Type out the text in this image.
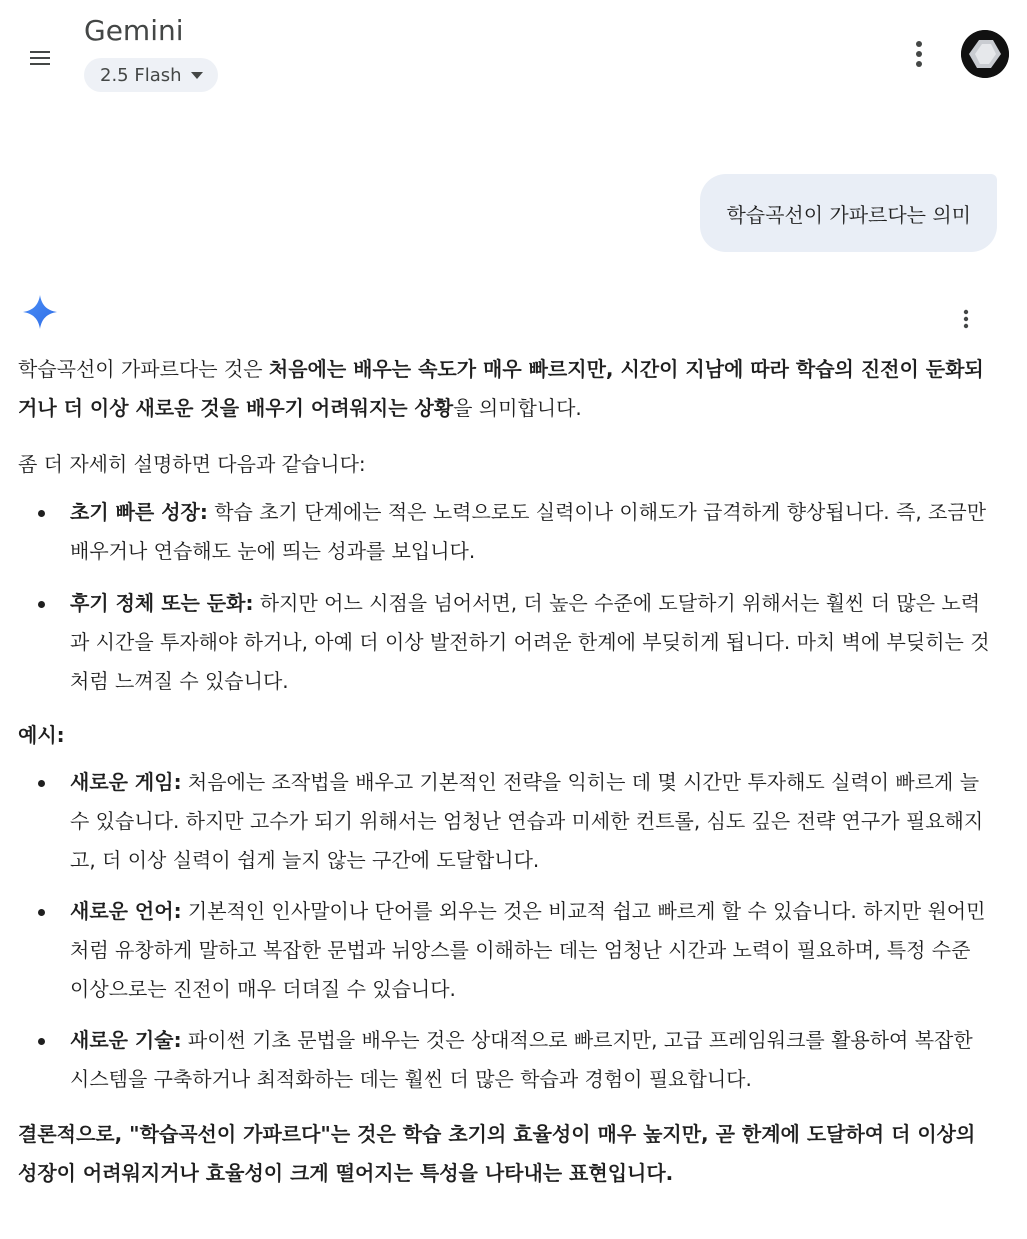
Gemini
2.5 Flash
학습곡선이 가파르다는 의미

학습곡선이 가파르다는 것은 처음에는 배우는 속도가 매우 빠르지만, 시간이 지남에 따라 학습의 진전이 둔화되거나 더 이상 새로운 것을 배우기 어려워지는 상황을 의미합니다.

좀 더 자세히 설명하면 다음과 같습니다:

초기 빠른 성장: 학습 초기 단계에는 적은 노력으로도 실력이나 이해도가 급격하게 향상됩니다. 즉, 조금만 배우거나 연습해도 눈에 띄는 성과를 보입니다.
후기 정체 또는 둔화: 하지만 어느 시점을 넘어서면, 더 높은 수준에 도달하기 위해서는 훨씬 더 많은 노력과 시간을 투자해야 하거나, 아예 더 이상 발전하기 어려운 한계에 부딪히게 됩니다. 마치 벽에 부딪히는 것처럼 느껴질 수 있습니다.

예시:

새로운 게임: 처음에는 조작법을 배우고 기본적인 전략을 익히는 데 몇 시간만 투자해도 실력이 빠르게 늘 수 있습니다. 하지만 고수가 되기 위해서는 엄청난 연습과 미세한 컨트롤, 심도 깊은 전략 연구가 필요해지고, 더 이상 실력이 쉽게 늘지 않는 구간에 도달합니다.
새로운 언어: 기본적인 인사말이나 단어를 외우는 것은 비교적 쉽고 빠르게 할 수 있습니다. 하지만 원어민처럼 유창하게 말하고 복잡한 문법과 뉘앙스를 이해하는 데는 엄청난 시간과 노력이 필요하며, 특정 수준 이상으로는 진전이 매우 더뎌질 수 있습니다.
새로운 기술: 파이썬 기초 문법을 배우는 것은 상대적으로 빠르지만, 고급 프레임워크를 활용하여 복잡한 시스템을 구축하거나 최적화하는 데는 훨씬 더 많은 학습과 경험이 필요합니다.

결론적으로, "학습곡선이 가파르다"는 것은 학습 초기의 효율성이 매우 높지만, 곧 한계에 도달하여 더 이상의 성장이 어려워지거나 효율성이 크게 떨어지는 특성을 나타내는 표현입니다.
